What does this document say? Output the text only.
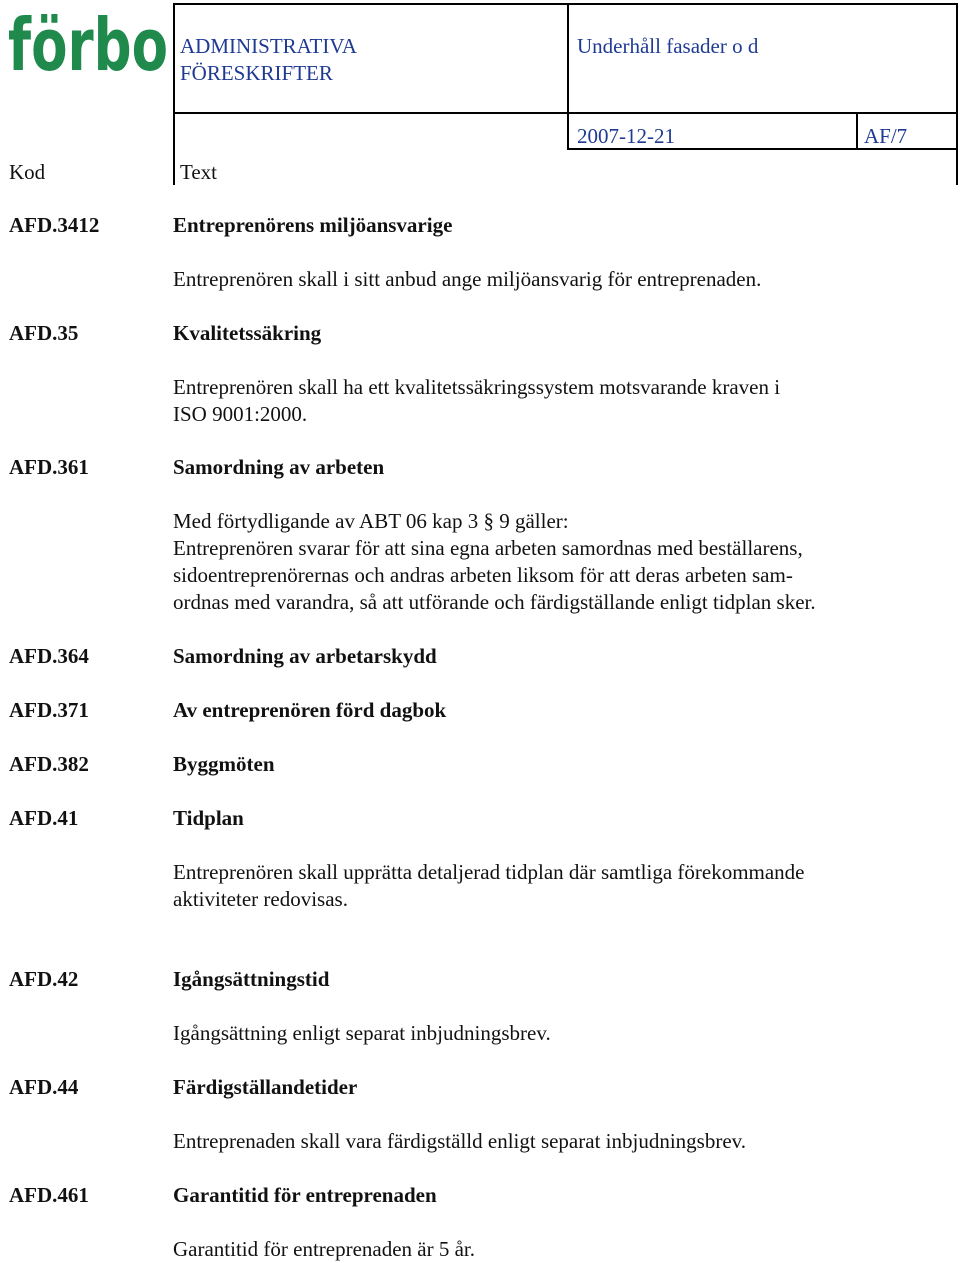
förbo ADMINISTRATIVA
FÖRESKRIFTER
Underhåll fasader o d
2007-12-21	AF/7
Kod	Text
AFD.3412	Entreprenörens miljöansvarige
Entreprenören skall i sitt anbud ange miljöansvarig för entreprenaden.
AFD.35	Kvalitetssäkring
Entreprenören skall ha ett kvalitetssäkringssystem motsvarande kraven i
ISO 9001:2000.
AFD.361	Samordning av arbeten
Med förtydligande av ABT 06 kap 3 § 9 gäller:
Entreprenören svarar för att sina egna arbeten samordnas med beställarens,
sidoentreprenörernas och andras arbeten liksom för att deras arbeten sam-
ordnas med varandra, så att utförande och färdigställande enligt tidplan sker.
AFD.364	Samordning av arbetarskydd
AFD.371	Av entreprenören förd dagbok
AFD.382	Byggmöten
AFD.41	Tidplan
Entreprenören skall upprätta detaljerad tidplan där samtliga förekommande
aktiviteter redovisas.
AFD.42	Igångsättningstid
Igångsättning enligt separat inbjudningsbrev.
AFD.44	Färdigställandetider
Entreprenaden skall vara färdigställd enligt separat inbjudningsbrev.
AFD.461	Garantitid för entreprenaden
Garantitid för entreprenaden är 5 år.
